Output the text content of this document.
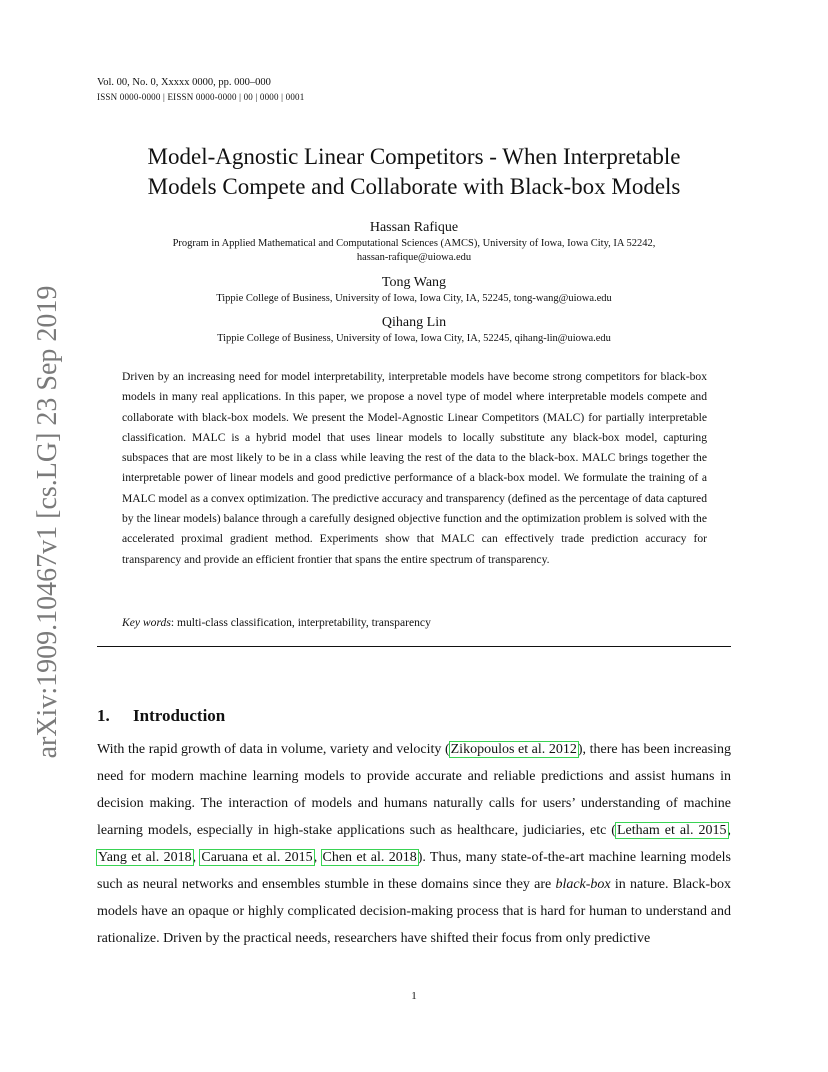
Vol. 00, No. 0, Xxxxx 0000, pp. 000–000
ISSN 0000-0000 | EISSN 0000-0000 | 00 | 0000 | 0001
arXiv:1909.10467v1 [cs.LG] 23 Sep 2019
Model-Agnostic Linear Competitors - When Interpretable
Models Compete and Collaborate with Black-box Models
Hassan Rafique
Program in Applied Mathematical and Computational Sciences (AMCS), University of Iowa, Iowa City, IA 52242,
hassan-rafique@uiowa.edu
Tong Wang
Tippie College of Business, University of Iowa, Iowa City, IA, 52245, tong-wang@uiowa.edu
Qihang Lin
Tippie College of Business, University of Iowa, Iowa City, IA, 52245, qihang-lin@uiowa.edu
Driven by an increasing need for model interpretability, interpretable models have become strong competitors for black-box models in many real applications. In this paper, we propose a novel type of model where interpretable models compete and collaborate with black-box models. We present the Model-Agnostic Linear Competitors (MALC) for partially interpretable classification. MALC is a hybrid model that uses linear models to locally substitute any black-box model, capturing subspaces that are most likely to be in a class while leaving the rest of the data to the black-box. MALC brings together the interpretable power of linear models and good predictive performance of a black-box model. We formulate the training of a MALC model as a convex optimization. The predictive accuracy and transparency (defined as the percentage of data captured by the linear models) balance through a carefully designed objective function and the optimization problem is solved with the accelerated proximal gradient method. Experiments show that MALC can effectively trade prediction accuracy for transparency and provide an efficient frontier that spans the entire spectrum of transparency.
Key words: multi-class classification, interpretability, transparency
1. Introduction
With the rapid growth of data in volume, variety and velocity (Zikopoulos et al. 2012), there has been increasing need for modern machine learning models to provide accurate and reliable predictions and assist humans in decision making. The interaction of models and humans naturally calls for users’ understanding of machine learning models, especially in high-stake applications such as healthcare, judiciaries, etc (Letham et al. 2015, Yang et al. 2018, Caruana et al. 2015, Chen et al. 2018). Thus, many state-of-the-art machine learning models such as neural networks and ensembles stumble in these domains since they are black-box in nature. Black-box models have an opaque or highly complicated decision-making process that is hard for human to understand and rationalize. Driven by the practical needs, researchers have shifted their focus from only predictive
1
